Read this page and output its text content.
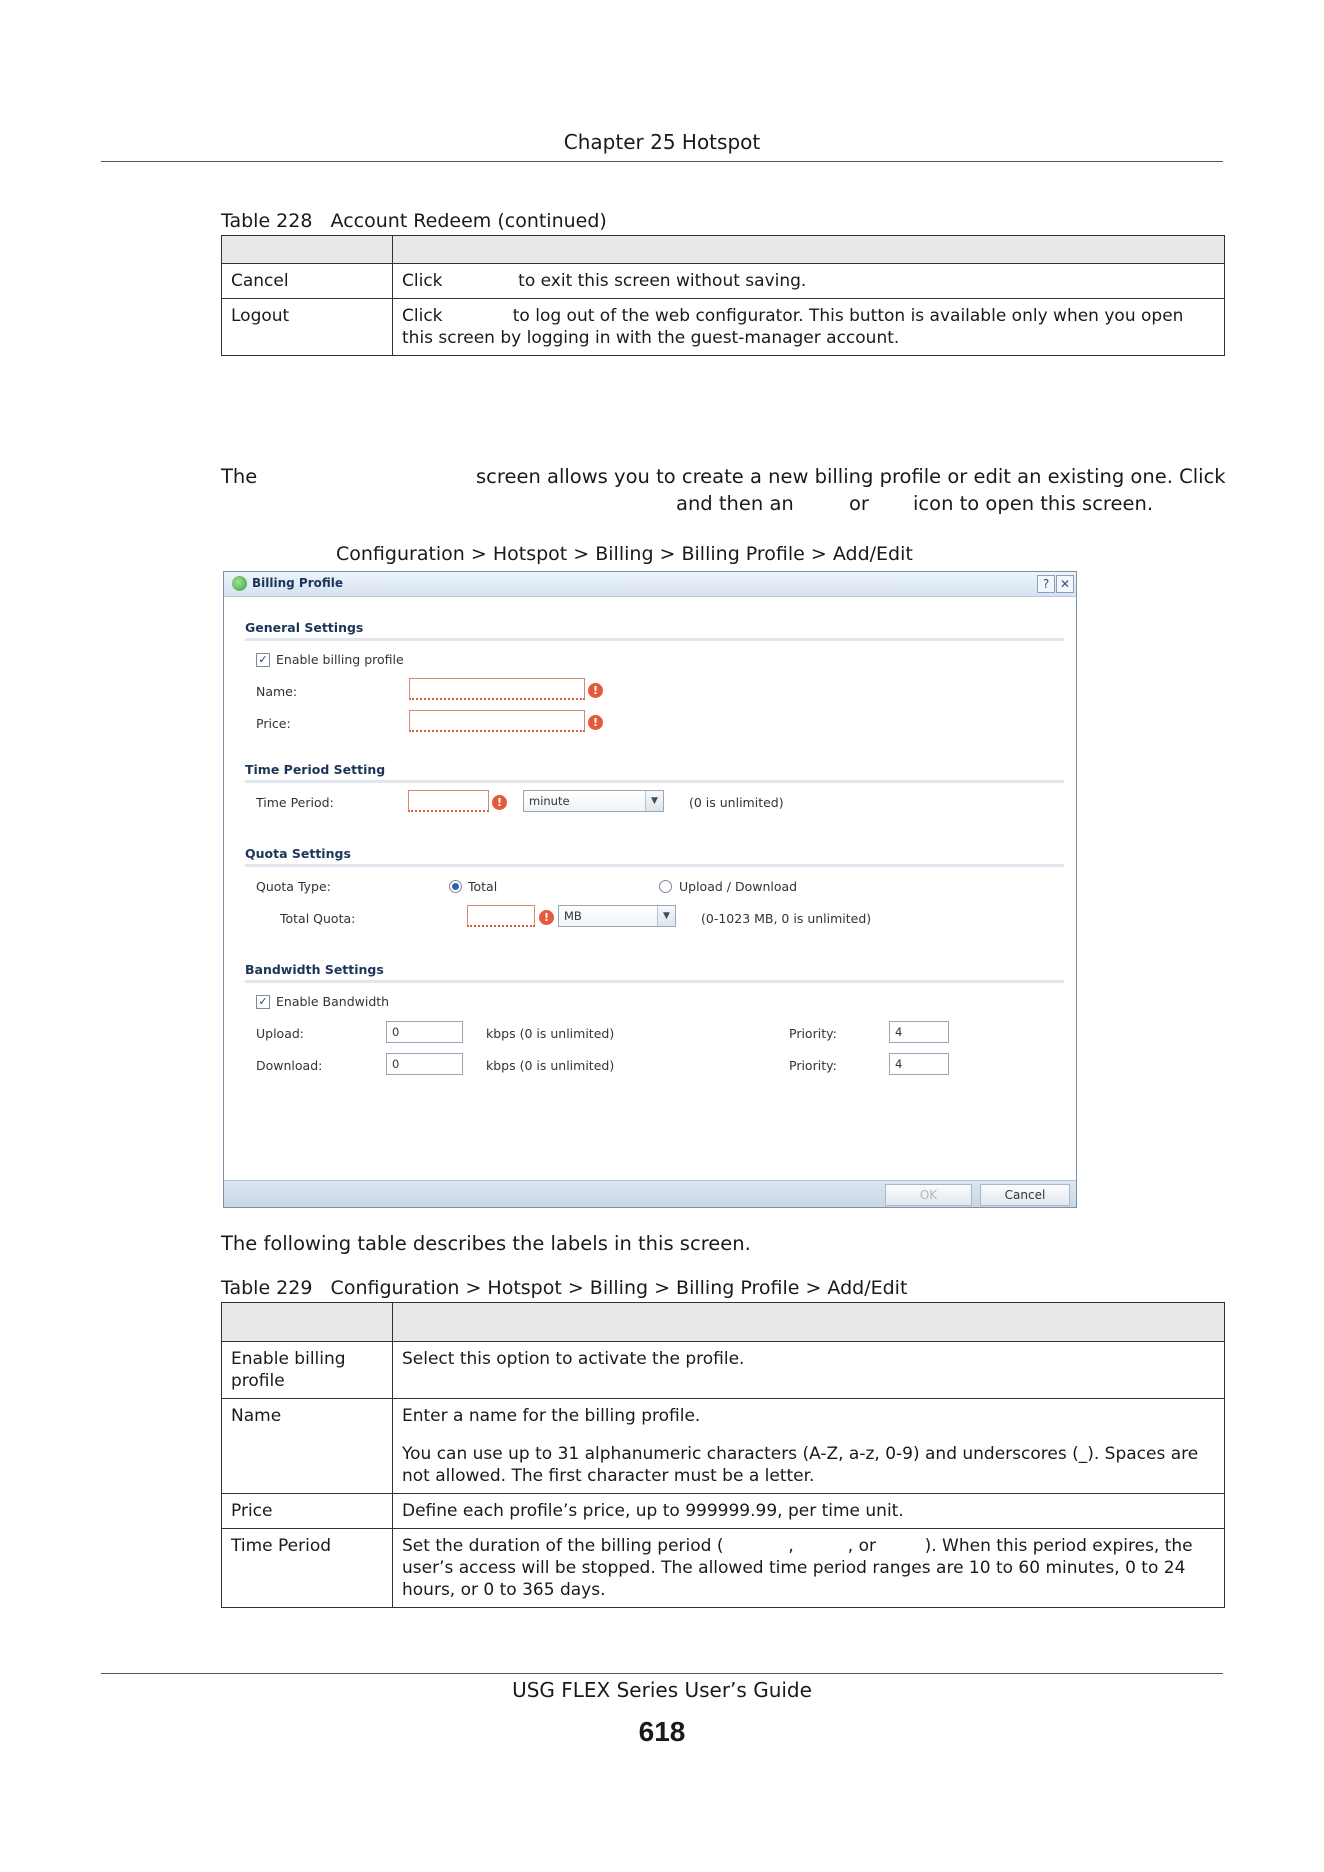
Chapter 25 Hotspot
Table 228   Account Redeem (continued)

Cancel	Click              to exit this screen without saving.
Logout	Click             to log out of the web configurator. This button is available only when you open this screen by logging in with the guest-manager account.
The	screen allows you to create a new billing profile or edit an existing one. Click
and then an	or icon to open this screen.
Configuration > Hotspot > Billing > Billing Profile > Add/Edit
Billing Profile	? ✕
General Settings
✓ Enable billing profile
Name:	!
Price:	!
Time Period Setting
Time Period:	!	minute	▼	(0 is unlimited)
Quota Settings
Quota Type:	Total	Upload / Download
Total Quota:	!	MB	▼	(0-1023 MB, 0 is unlimited)
Bandwidth Settings
✓ Enable Bandwidth
Upload:	0	kbps (0 is unlimited)	Priority:	4
Download:	0	kbps (0 is unlimited)	Priority:	4
OK	Cancel
The following table describes the labels in this screen.
Table 229   Configuration > Hotspot > Billing > Billing Profile > Add/Edit

Enable billing profile	Select this option to activate the profile.

Name	Enter a name for the billing profile.

You can use up to 31 alphanumeric characters (A-Z, a-z, 0-9) and underscores (_). Spaces are not allowed. The first character must be a letter.

Price	Define each profile’s price, up to 999999.99, per time unit.

Time Period	Set the duration of the billing period (            ,          , or         ). When this period expires, the user’s access will be stopped. The allowed time period ranges are 10 to 60 minutes, 0 to 24 hours, or 0 to 365 days.

USG FLEX Series User’s Guide
618
